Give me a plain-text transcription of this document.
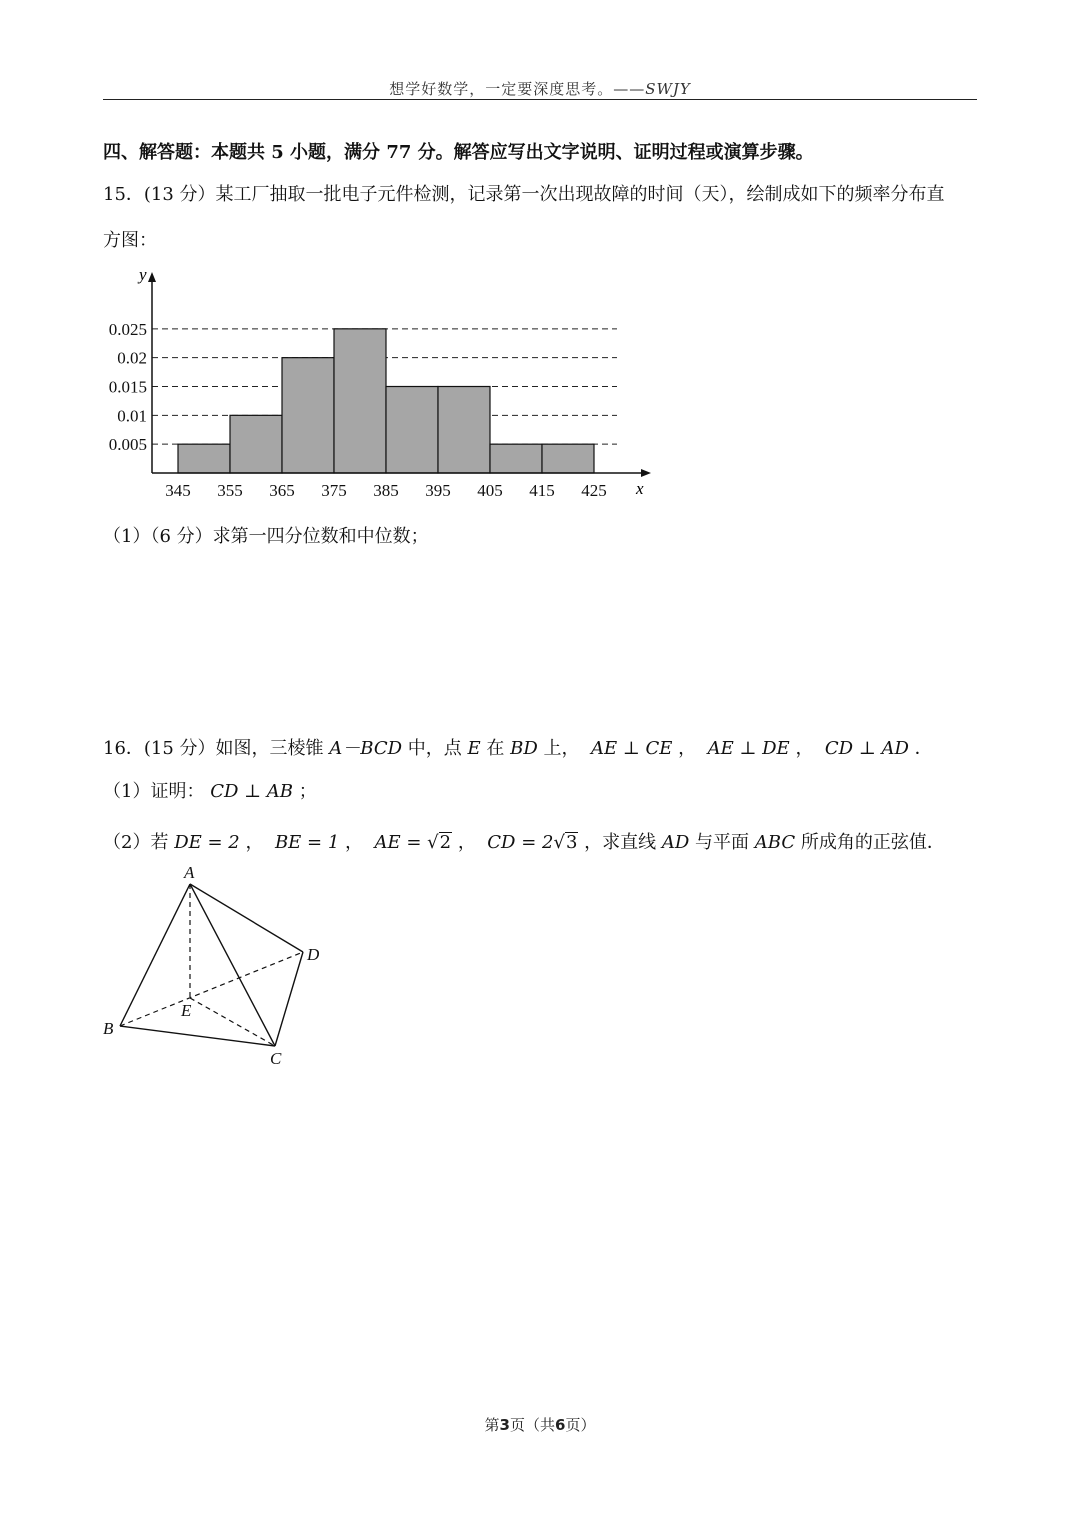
想学好数学，一定要深度思考。——SWJY
四、解答题：本题共 5 小题，满分 77 分。解答应写出文字说明、证明过程或演算步骤。
15．(13 分）某工厂抽取一批电子元件检测，记录第一次出现故障的时间（天），绘制成如下的频率分布直
方图：
y
x
345 355 365 375 385 395 405 415 425
0.005
0.01
0.015
0.02
0.025
（1）（6 分）求第一四分位数和中位数；
16．(15 分）如图，三棱锥 A－BCD 中，点 E 在 BD 上， AE ⊥ CE ， AE ⊥ DE ， CD ⊥ AD ．
（1）证明： CD ⊥ AB ；
（2）若 DE = 2 ， BE = 1 ， AE = √2 ， CD = 2√3 ，求直线 AD 与平面 ABC 所成角的正弦值．
A
B
C
D
E
第3页（共6页）
